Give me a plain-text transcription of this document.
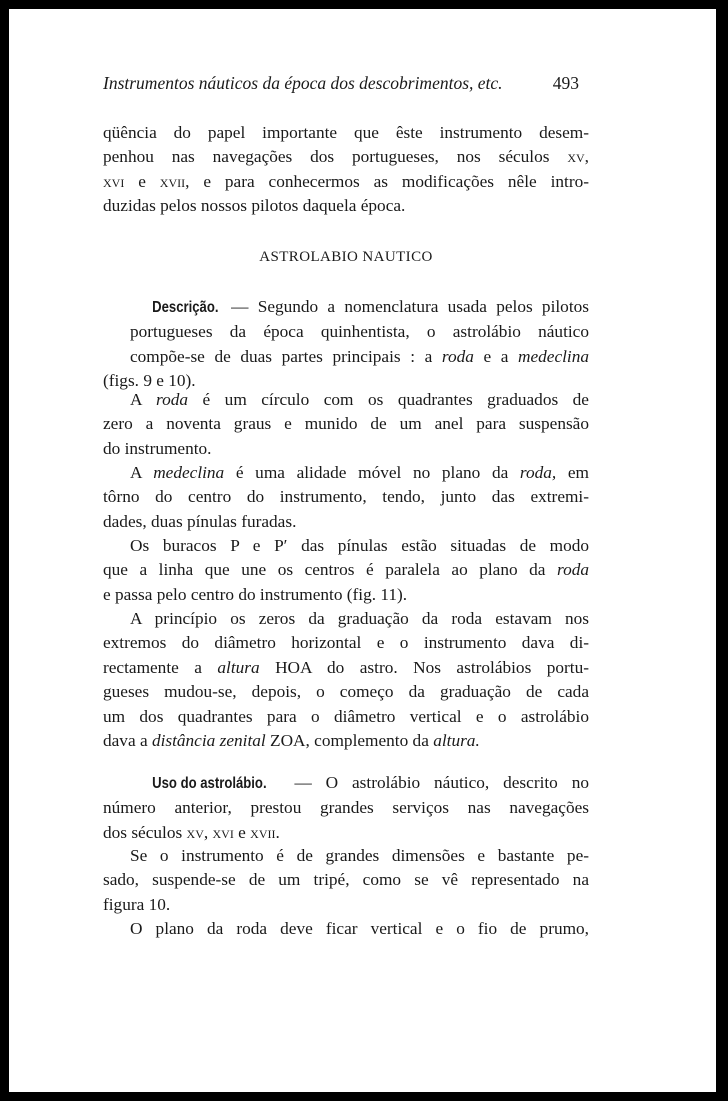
Instrumentos náuticos da época dos descobrimentos, etc.	493
qüência do papel importante que êste instrumento desem-
penhou nas navegações dos portugueses, nos séculos xv,
xvi e xvii, e para conhecermos as modificações nêle intro-
duzidas pelos nossos pilotos daquela época.
ASTROLABIO NAUTICO
Descrição. — Segundo a nomenclatura usada pelos pilotos
portugueses da época quinhentista, o astrolábio náutico
compõe-se de duas partes principais : a roda e a medeclina
(figs. 9 e 10).
A roda é um círculo com os quadrantes graduados de
zero a noventa graus e munido de um anel para suspensão
do instrumento.
A medeclina é uma alidade móvel no plano da roda, em
tôrno do centro do instrumento, tendo, junto das extremi-
dades, duas pínulas furadas.
Os buracos P e P′ das pínulas estão situadas de modo
que a linha que une os centros é paralela ao plano da roda
e passa pelo centro do instrumento (fig. 11).
A princípio os zeros da graduação da roda estavam nos
extremos do diâmetro horizontal e o instrumento dava di-
rectamente a altura HOA do astro. Nos astrolábios portu-
gueses mudou-se, depois, o começo da graduação de cada
um dos quadrantes para o diâmetro vertical e o astrolábio
dava a distância zenital ZOA, complemento da altura.
Uso do astrolábio. — O astrolábio náutico, descrito no
número anterior, prestou grandes serviços nas navegações
dos séculos xv, xvi e xvii.
Se o instrumento é de grandes dimensões e bastante pe-
sado, suspende-se de um tripé, como se vê representado na
figura 10.
O plano da roda deve ficar vertical e o fio de prumo,
